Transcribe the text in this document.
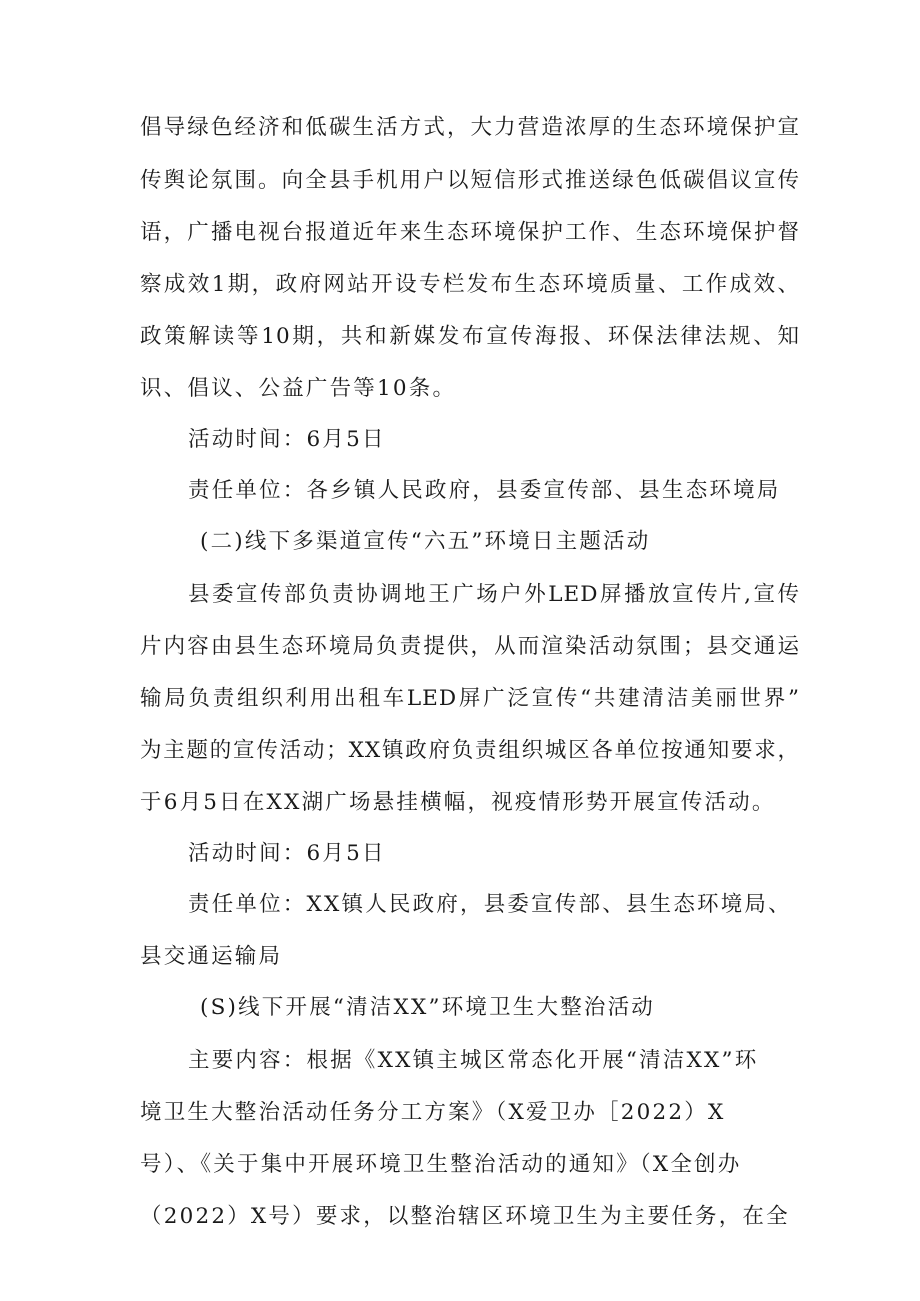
倡导绿色经济和低碳生活方式，大力营造浓厚的生态环境保护宣
传舆论氛围。向全县手机用户以短信形式推送绿色低碳倡议宣传
语，广播电视台报道近年来生态环境保护工作、生态环境保护督
察成效1期，政府网站开设专栏发布生态环境质量、工作成效、
政策解读等10期，共和新媒发布宣传海报、环保法律法规、知
识、倡议、公益广告等10条。
活动时间：6月5日
责任单位：各乡镇人民政府，县委宣传部、县生态环境局
(二)线下多渠道宣传“六五”环境日主题活动
县委宣传部负责协调地王广场户外LED屏播放宣传片,宣传
片内容由县生态环境局负责提供，从而渲染活动氛围；县交通运
输局负责组织利用出租车LED屏广泛宣传“共建清洁美丽世界”
为主题的宣传活动；XX镇政府负责组织城区各单位按通知要求，
于6月5日在XX湖广场悬挂横幅，视疫情形势开展宣传活动。
活动时间：6月5日
责任单位：XX镇人民政府，县委宣传部、县生态环境局、
县交通运输局
(S)线下开展“清洁XX”环境卫生大整治活动
主要内容：根据《XX镇主城区常态化开展“清洁XX”环
境卫生大整治活动任务分工方案》（X爱卫办［2022）X
号）、《关于集中开展环境卫生整治活动的通知》（X全创办
（2022）X号）要求，以整治辖区环境卫生为主要任务，在全
